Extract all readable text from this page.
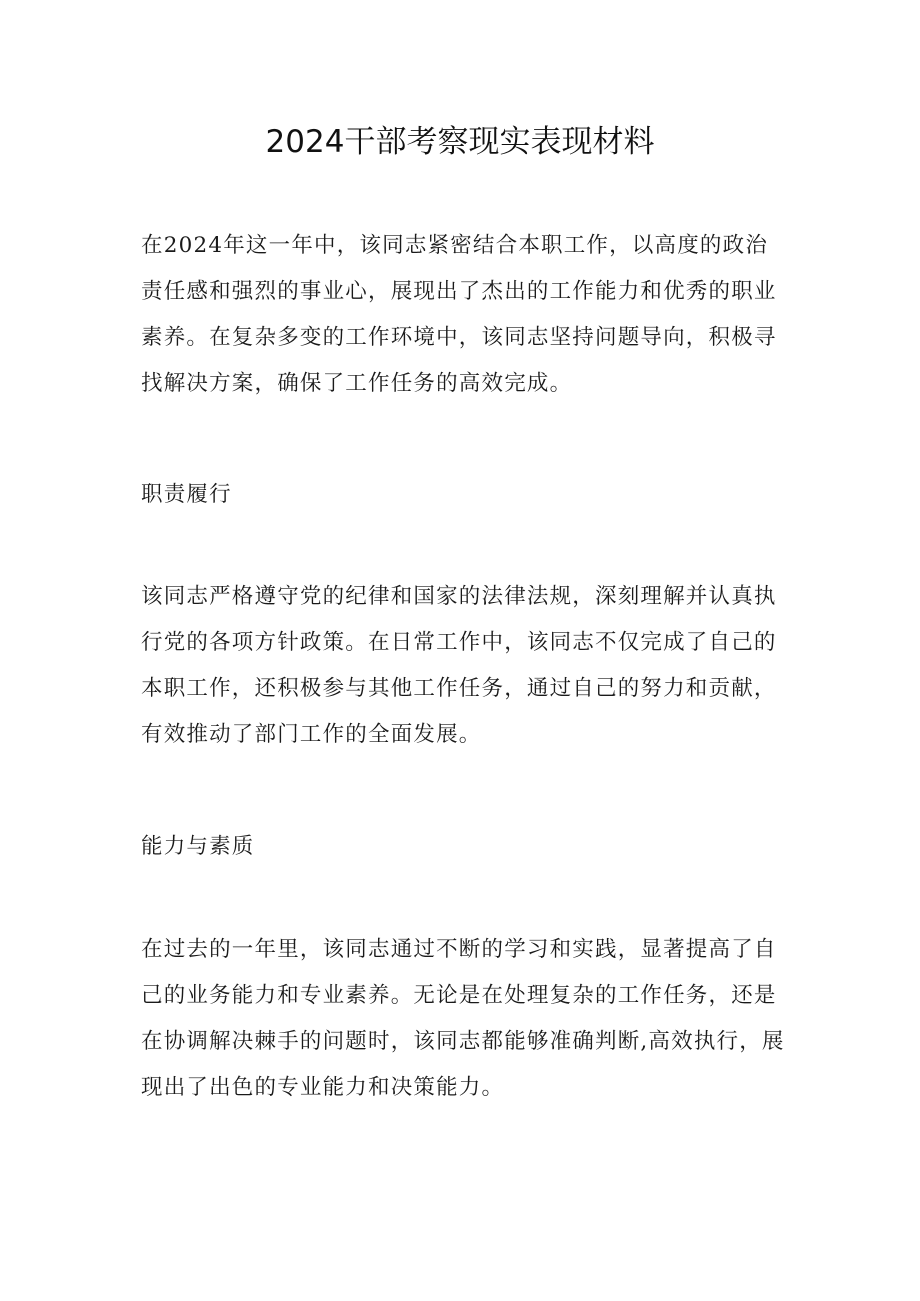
2024干部考察现实表现材料

在2024年这一年中，该同志紧密结合本职工作，以高度的政治责任感和强烈的事业心，展现出了杰出的工作能力和优秀的职业素养。在复杂多变的工作环境中，该同志坚持问题导向，积极寻找解决方案，确保了工作任务的高效完成。

职责履行

该同志严格遵守党的纪律和国家的法律法规，深刻理解并认真执行党的各项方针政策。在日常工作中，该同志不仅完成了自己的本职工作，还积极参与其他工作任务，通过自己的努力和贡献，有效推动了部门工作的全面发展。

能力与素质

在过去的一年里，该同志通过不断的学习和实践，显著提高了自己的业务能力和专业素养。无论是在处理复杂的工作任务，还是在协调解决棘手的问题时，该同志都能够准确判断,高效执行，展现出了出色的专业能力和决策能力。
